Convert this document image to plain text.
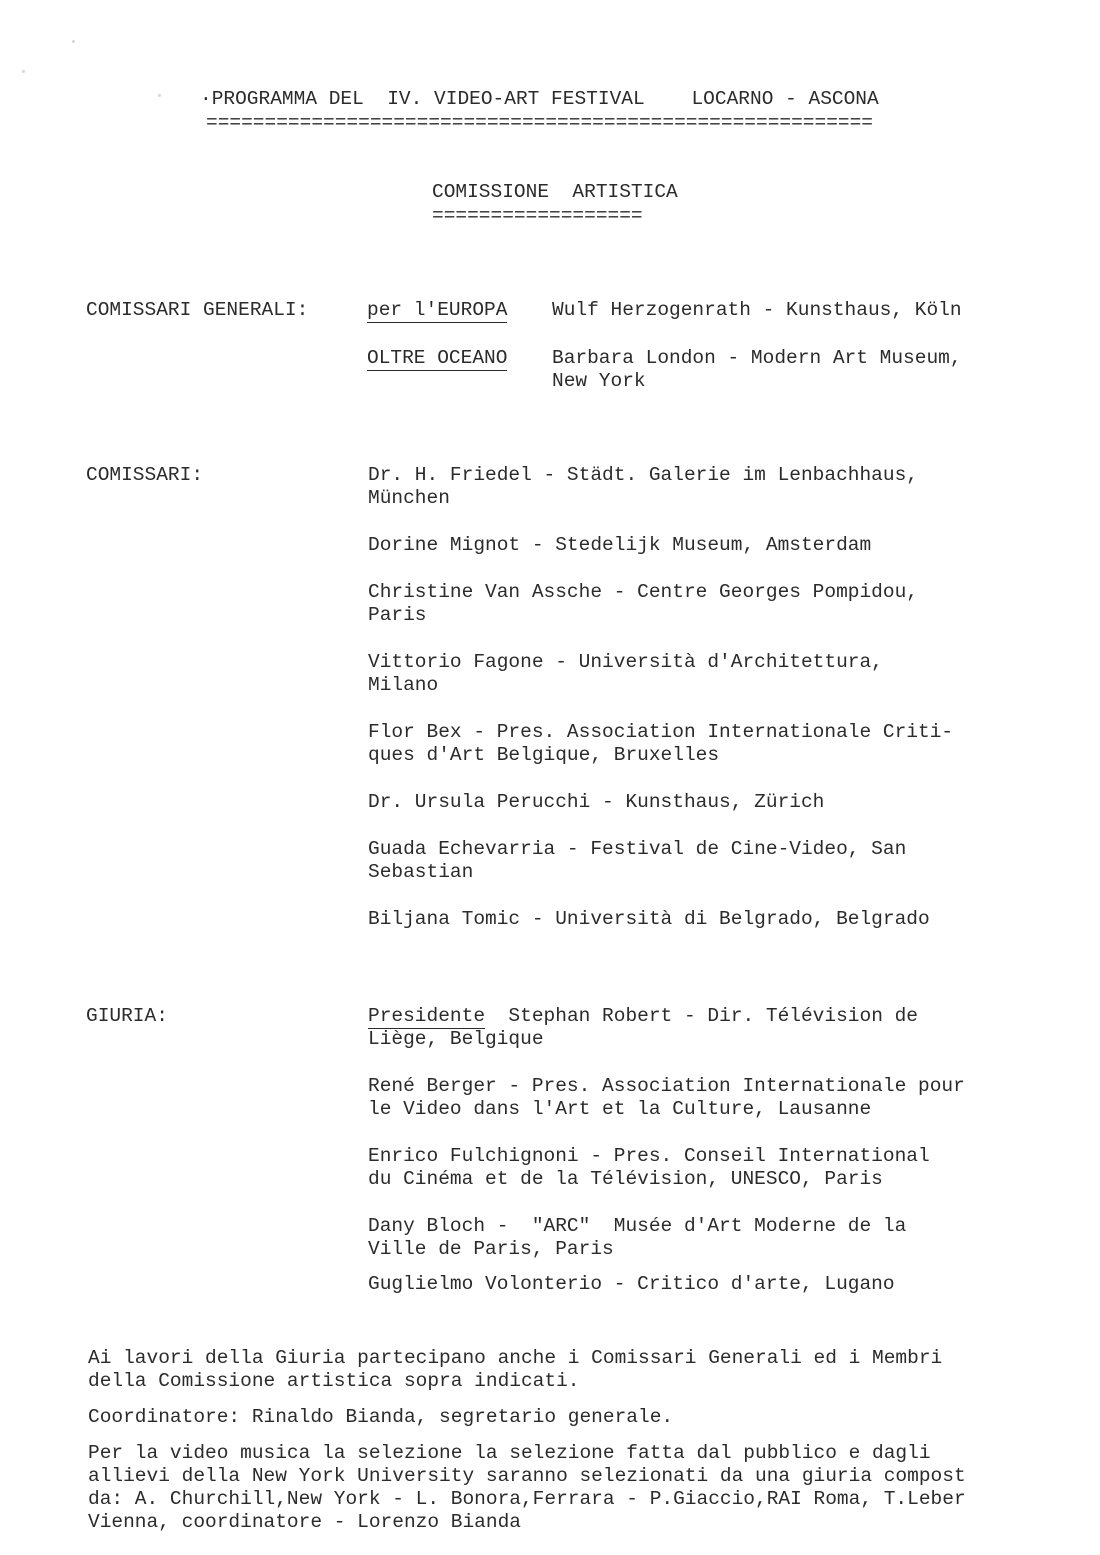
·PROGRAMMA DEL  IV. VIDEO-ART FESTIVAL    LOCARNO - ASCONA
=========================================================
COMISSIONE  ARTISTICA
==================
COMISSARI GENERALI:	per l'EUROPA Wulf Herzogenrath - Kunsthaus, Köln
OLTRE OCEANO Barbara London - Modern Art Museum,
New York
COMISSARI:	Dr. H. Friedel - Städt. Galerie im Lenbachhaus,
München
Dorine Mignot - Stedelijk Museum, Amsterdam
Christine Van Assche - Centre Georges Pompidou,
Paris
Vittorio Fagone - Università d'Architettura,
Milano
Flor Bex - Pres. Association Internationale Criti-
ques d'Art Belgique, Bruxelles
Dr. Ursula Perucchi - Kunsthaus, Zürich
Guada Echevarria - Festival de Cine-Video, San
Sebastian
Biljana Tomic - Università di Belgrado, Belgrado
GIURIA:	Presidente  Stephan Robert - Dir. Télévision de
Liège, Belgique
René Berger - Pres. Association Internationale pour
le Video dans l'Art et la Culture, Lausanne
Enrico Fulchignoni - Pres. Conseil International
du Cinéma et de la Télévision, UNESCO, Paris
Dany Bloch -  "ARC"  Musée d'Art Moderne de la
Ville de Paris, Paris
Guglielmo Volonterio - Critico d'arte, Lugano
Ai lavori della Giuria partecipano anche i Comissari Generali ed i Membri
della Comissione artistica sopra indicati.
Coordinatore: Rinaldo Bianda, segretario generale.
Per la video musica la selezione la selezione fatta dal pubblico e dagli
allievi della New York University saranno selezionati da una giuria compost
da: A. Churchill,New York - L. Bonora,Ferrara - P.Giaccio,RAI Roma, T.Leber
Vienna, coordinatore - Lorenzo Bianda
